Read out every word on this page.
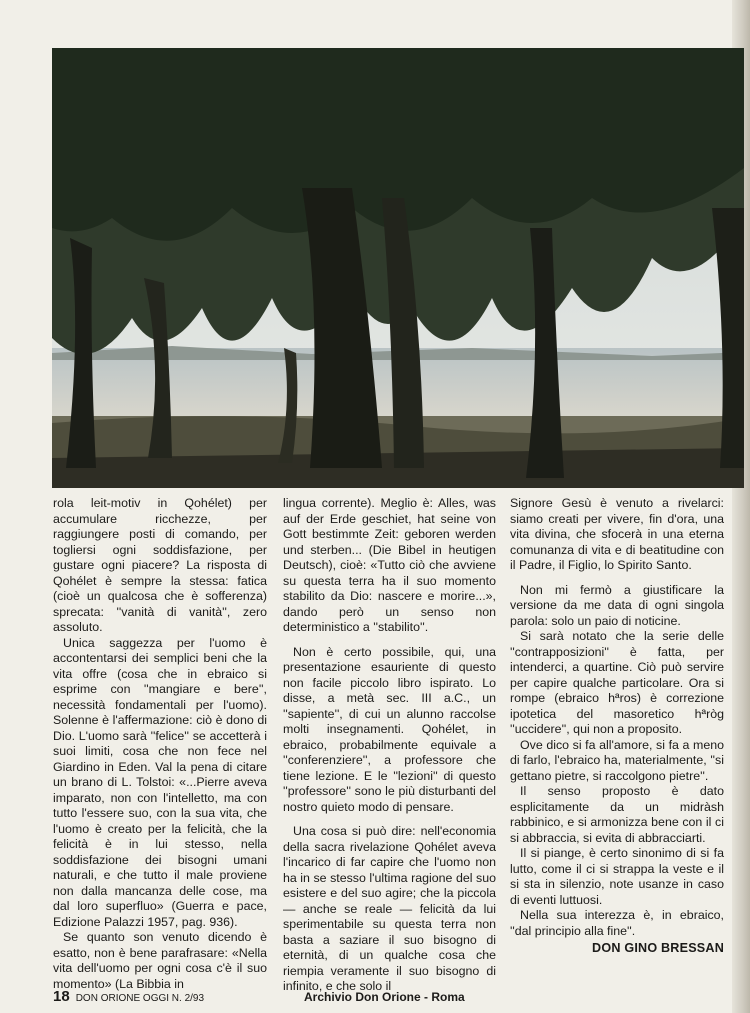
rola leit-motiv in Qohélet) per accumulare ricchezze, per raggiungere posti di comando, per togliersi ogni soddisfazione, per gustare ogni piacere? La risposta di Qohélet è sempre la stessa: fatica (cioè un qualcosa che è sofferenza) sprecata: ''vanità di vanità'', zero assoluto.

Unica saggezza per l'uomo è accontentarsi dei semplici beni che la vita offre (cosa che in ebraico si esprime con ''mangiare e bere'', necessità fondamentali per l'uomo). Solenne è l'affermazione: ciò è dono di Dio. L'uomo sarà ''felice'' se accetterà i suoi limiti, cosa che non fece nel Giardino in Eden. Val la pena di citare un brano di L. Tolstoi: «...Pierre aveva imparato, non con l'intelletto, ma con tutto l'essere suo, con la sua vita, che l'uomo è creato per la felicità, che la felicità è in lui stesso, nella soddisfazione dei bisogni umani naturali, e che tutto il male proviene non dalla mancanza delle cose, ma dal loro superfluo» (Guerra e pace, Edizione Palazzi 1957, pag. 936).

Se quanto son venuto dicendo è esatto, non è bene parafrasare: «Nella vita dell'uomo per ogni cosa c'è il suo momento» (La Bibbia in

lingua corrente). Meglio è: Alles, was auf der Erde geschiet, hat seine von Gott bestimmte Zeit: geboren werden und sterben... (Die Bibel in heutigen Deutsch), cioè: «Tutto ciò che avviene su questa terra ha il suo momento stabilito da Dio: nascere e morire...», dando però un senso non deterministico a ''stabilito''.

Non è certo possibile, qui, una presentazione esauriente di questo non facile piccolo libro ispirato. Lo disse, a metà sec. III a.C., un ''sapiente'', di cui un alunno raccolse molti insegnamenti. Qohélet, in ebraico, probabilmente equivale a ''conferenziere'', a professore che tiene lezione. E le ''lezioni'' di questo ''professore'' sono le più disturbanti del nostro quieto modo di pensare.

Una cosa si può dire: nell'economia della sacra rivelazione Qohélet aveva l'incarico di far capire che l'uomo non ha in se stesso l'ultima ragione del suo esistere e del suo agire; che la piccola — anche se reale — felicità da lui sperimentabile su questa terra non basta a saziare il suo bisogno di eternità, di un qualche cosa che riempia veramente il suo bisogno di infinito, e che solo il

Signore Gesù è venuto a rivelarci: siamo creati per vivere, fin d'ora, una vita divina, che sfocerà in una eterna comunanza di vita e di beatitudine con il Padre, il Figlio, lo Spirito Santo.

Non mi fermò a giustificare la versione da me data di ogni singola parola: solo un paio di noticine.

Si sarà notato che la serie delle ''contrapposizioni'' è fatta, per intenderci, a quartine. Ciò può servire per capire qualche particolare. Ora si rompe (ebraico hªros) è correzione ipotetica del masoretico hªròg ''uccidere'', qui non a proposito.

Ove dico si fa all'amore, si fa a meno di farlo, l'ebraico ha, materialmente, ''si gettano pietre, si raccolgono pietre''.

Il senso proposto è dato esplicitamente da un midràsh rabbinico, e si armonizza bene con il ci si abbraccia, si evita di abbracciarti.

Il si piange, è certo sinonimo di si fa lutto, come il ci si strappa la veste e il si sta in silenzio, note usanze in caso di eventi luttuosi.

Nella sua interezza è, in ebraico, ''dal principio alla fine''.

DON GINO BRESSAN
18 DON ORIONE OGGI N. 2/93	Archivio Don Orione - Roma
